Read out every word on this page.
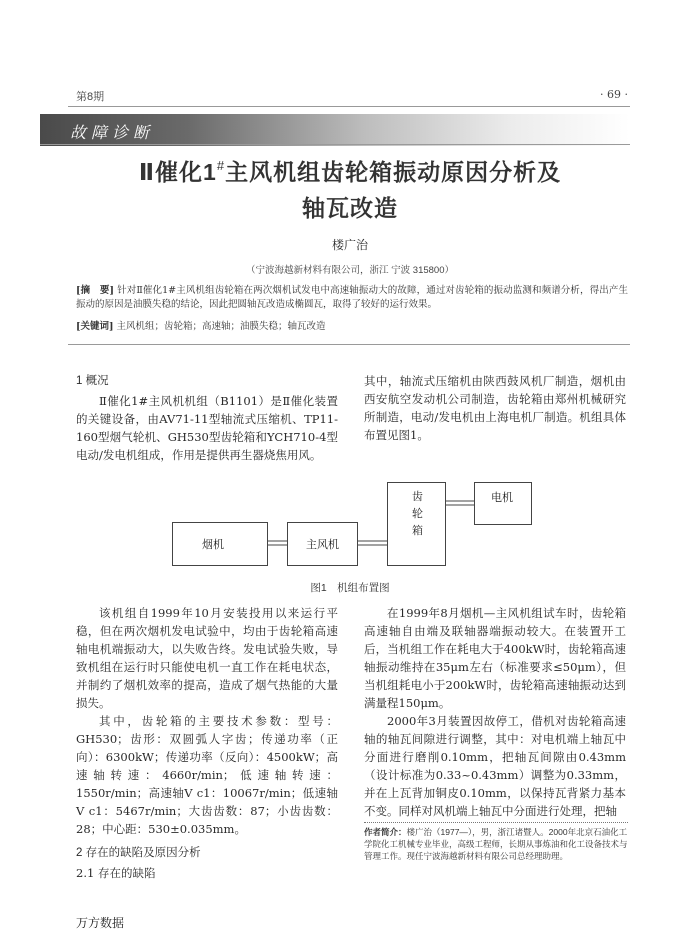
第8期	· 69 ·
故障诊断
Ⅱ催化1#主风机组齿轮箱振动原因分析及
轴瓦改造
楼广治
（宁波海越新材料有限公司，浙江 宁波 315800）
[摘　要] 针对Ⅱ催化1#主风机组齿轮箱在两次烟机试发电中高速轴振动大的故障，通过对齿轮箱的振动监测和频谱分析，得出产生振动的原因是油膜失稳的结论，因此把圆轴瓦改造成椭圆瓦，取得了较好的运行效果。
[关键词] 主风机组；齿轮箱；高速轴；油膜失稳；轴瓦改造
1 概况

Ⅱ催化1#主风机机组（B1101）是Ⅱ催化装置的关键设备，由AV71-11型轴流式压缩机、TP11-160型烟气轮机、GH530型齿轮箱和YCH710-4型电动/发电机组成，作用是提供再生器烧焦用风。

其中，轴流式压缩机由陕西鼓风机厂制造，烟机由西安航空发动机公司制造，齿轮箱由郑州机械研究所制造，电动/发电机由上海电机厂制造。机组具体布置见图1。

烟机	主风机
齿
轮
箱
电机
图1　机组布置图

该机组自1999年10月安装投用以来运行平稳，但在两次烟机发电试验中，均由于齿轮箱高速轴电机端振动大，以失败告终。发电试验失败，导致机组在运行时只能使电机一直工作在耗电状态，并制约了烟机效率的提高，造成了烟气热能的大量损失。

其中，齿轮箱的主要技术参数：型号：GH530；齿形：双圆弧人字齿；传递功率（正向）：6300kW；传递功率（反向）：4500kW；高速轴转速：4660r/min；低速轴转速：1550r/min；高速轴V c1：10067r/min；低速轴V c1：5467r/min；大齿齿数：87；小齿齿数：28；中心距：530±0.035mm。

2 存在的缺陷及原因分析
2.1 存在的缺陷

在1999年8月烟机—主风机组试车时，齿轮箱高速轴自由端及联轴器端振动较大。在装置开工后，当机组工作在耗电大于400kW时，齿轮箱高速轴振动维持在35μm左右（标准要求≤50μm），但当机组耗电小于200kW时，齿轮箱高速轴振动达到满量程150μm。

2000年3月装置因故停工，借机对齿轮箱高速轴的轴瓦间隙进行调整，其中：对电机端上轴瓦中分面进行磨削0.10mm，把轴瓦间隙由0.43mm（设计标准为0.33~0.43mm）调整为0.33mm，并在上瓦背加铜皮0.10mm，以保持瓦背紧力基本不变。同样对风机端上轴瓦中分面进行处理，把轴

作者简介：楼广治（1977—），男，浙江诸暨人。2000年北京石油化工学院化工机械专业毕业，高级工程师，长期从事炼油和化工设备技术与管理工作。现任宁波海越新材料有限公司总经理助理。
万方数据
